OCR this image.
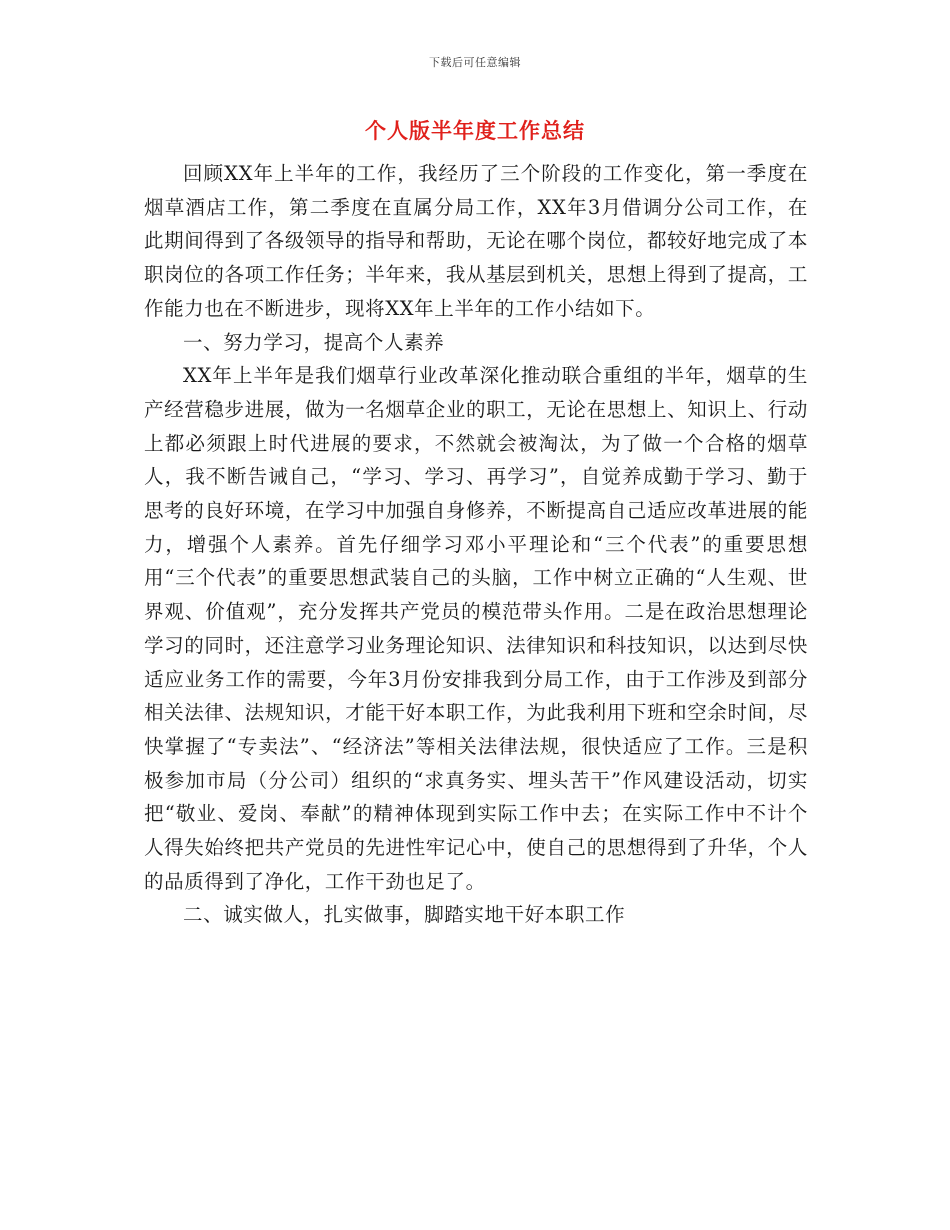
下载后可任意编辑
个人版半年度工作总结

回顾XX年上半年的工作，我经历了三个阶段的工作变化，第一季度在烟草酒店工作，第二季度在直属分局工作，XX年3月借调分公司工作，在此期间得到了各级领导的指导和帮助，无论在哪个岗位，都较好地完成了本职岗位的各项工作任务；半年来，我从基层到机关，思想上得到了提高，工作能力也在不断进步，现将XX年上半年的工作小结如下。

一、努力学习，提高个人素养

XX年上半年是我们烟草行业改革深化推动联合重组的半年，烟草的生产经营稳步进展，做为一名烟草企业的职工，无论在思想上、知识上、行动上都必须跟上时代进展的要求，不然就会被淘汰，为了做一个合格的烟草人，我不断告诫自己，“学习、学习、再学习”，自觉养成勤于学习、勤于思考的良好环境，在学习中加强自身修养，不断提高自己适应改革进展的能力，增强个人素养。首先仔细学习邓小平理论和“三个代表”的重要思想用“三个代表”的重要思想武装自己的头脑，工作中树立正确的“人生观、世界观、价值观”，充分发挥共产党员的模范带头作用。二是在政治思想理论学习的同时，还注意学习业务理论知识、法律知识和科技知识，以达到尽快适应业务工作的需要，今年3月份安排我到分局工作，由于工作涉及到部分相关法律、法规知识，才能干好本职工作，为此我利用下班和空余时间，尽快掌握了“专卖法”、“经济法”等相关法律法规，很快适应了工作。三是积极参加市局（分公司）组织的“求真务实、埋头苦干”作风建设活动，切实把“敬业、爱岗、奉献”的精神体现到实际工作中去；在实际工作中不计个人得失始终把共产党员的先进性牢记心中，使自己的思想得到了升华，个人的品质得到了净化，工作干劲也足了。

二、诚实做人，扎实做事，脚踏实地干好本职工作
